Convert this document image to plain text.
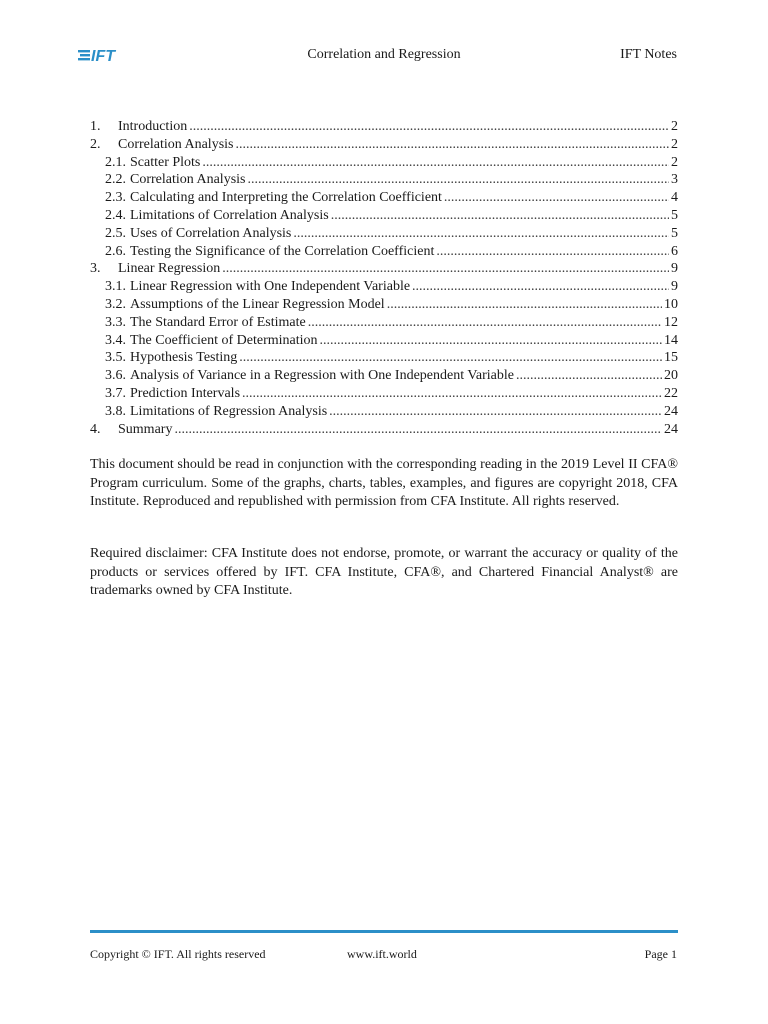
IFT	Correlation and Regression	IFT Notes
1.	Introduction .....	2
2.	Correlation Analysis .....	2
2.1. Scatter Plots .....	2
2.2. Correlation Analysis .....	3
2.3. Calculating and Interpreting the Correlation Coefficient .....	4
2.4. Limitations of Correlation Analysis .....	5
2.5. Uses of Correlation Analysis .....	5
2.6. Testing the Significance of the Correlation Coefficient .....	6
3.	Linear Regression .....	9
3.1. Linear Regression with One Independent Variable .....	9
3.2. Assumptions of the Linear Regression Model .....	10
3.3. The Standard Error of Estimate .....	12
3.4. The Coefficient of Determination .....	14
3.5. Hypothesis Testing .....	15
3.6. Analysis of Variance in a Regression with One Independent Variable .....	20
3.7. Prediction Intervals .....	22
3.8. Limitations of Regression Analysis .....	24
4.	Summary .....	24

This document should be read in conjunction with the corresponding reading in the 2019 Level II CFA® Program curriculum. Some of the graphs, charts, tables, examples, and figures are copyright 2018, CFA Institute. Reproduced and republished with permission from CFA Institute. All rights reserved.

Required disclaimer: CFA Institute does not endorse, promote, or warrant the accuracy or quality of the products or services offered by IFT. CFA Institute, CFA®, and Chartered Financial Analyst® are trademarks owned by CFA Institute.

Copyright © IFT. All rights reserved	www.ift.world	Page 1
